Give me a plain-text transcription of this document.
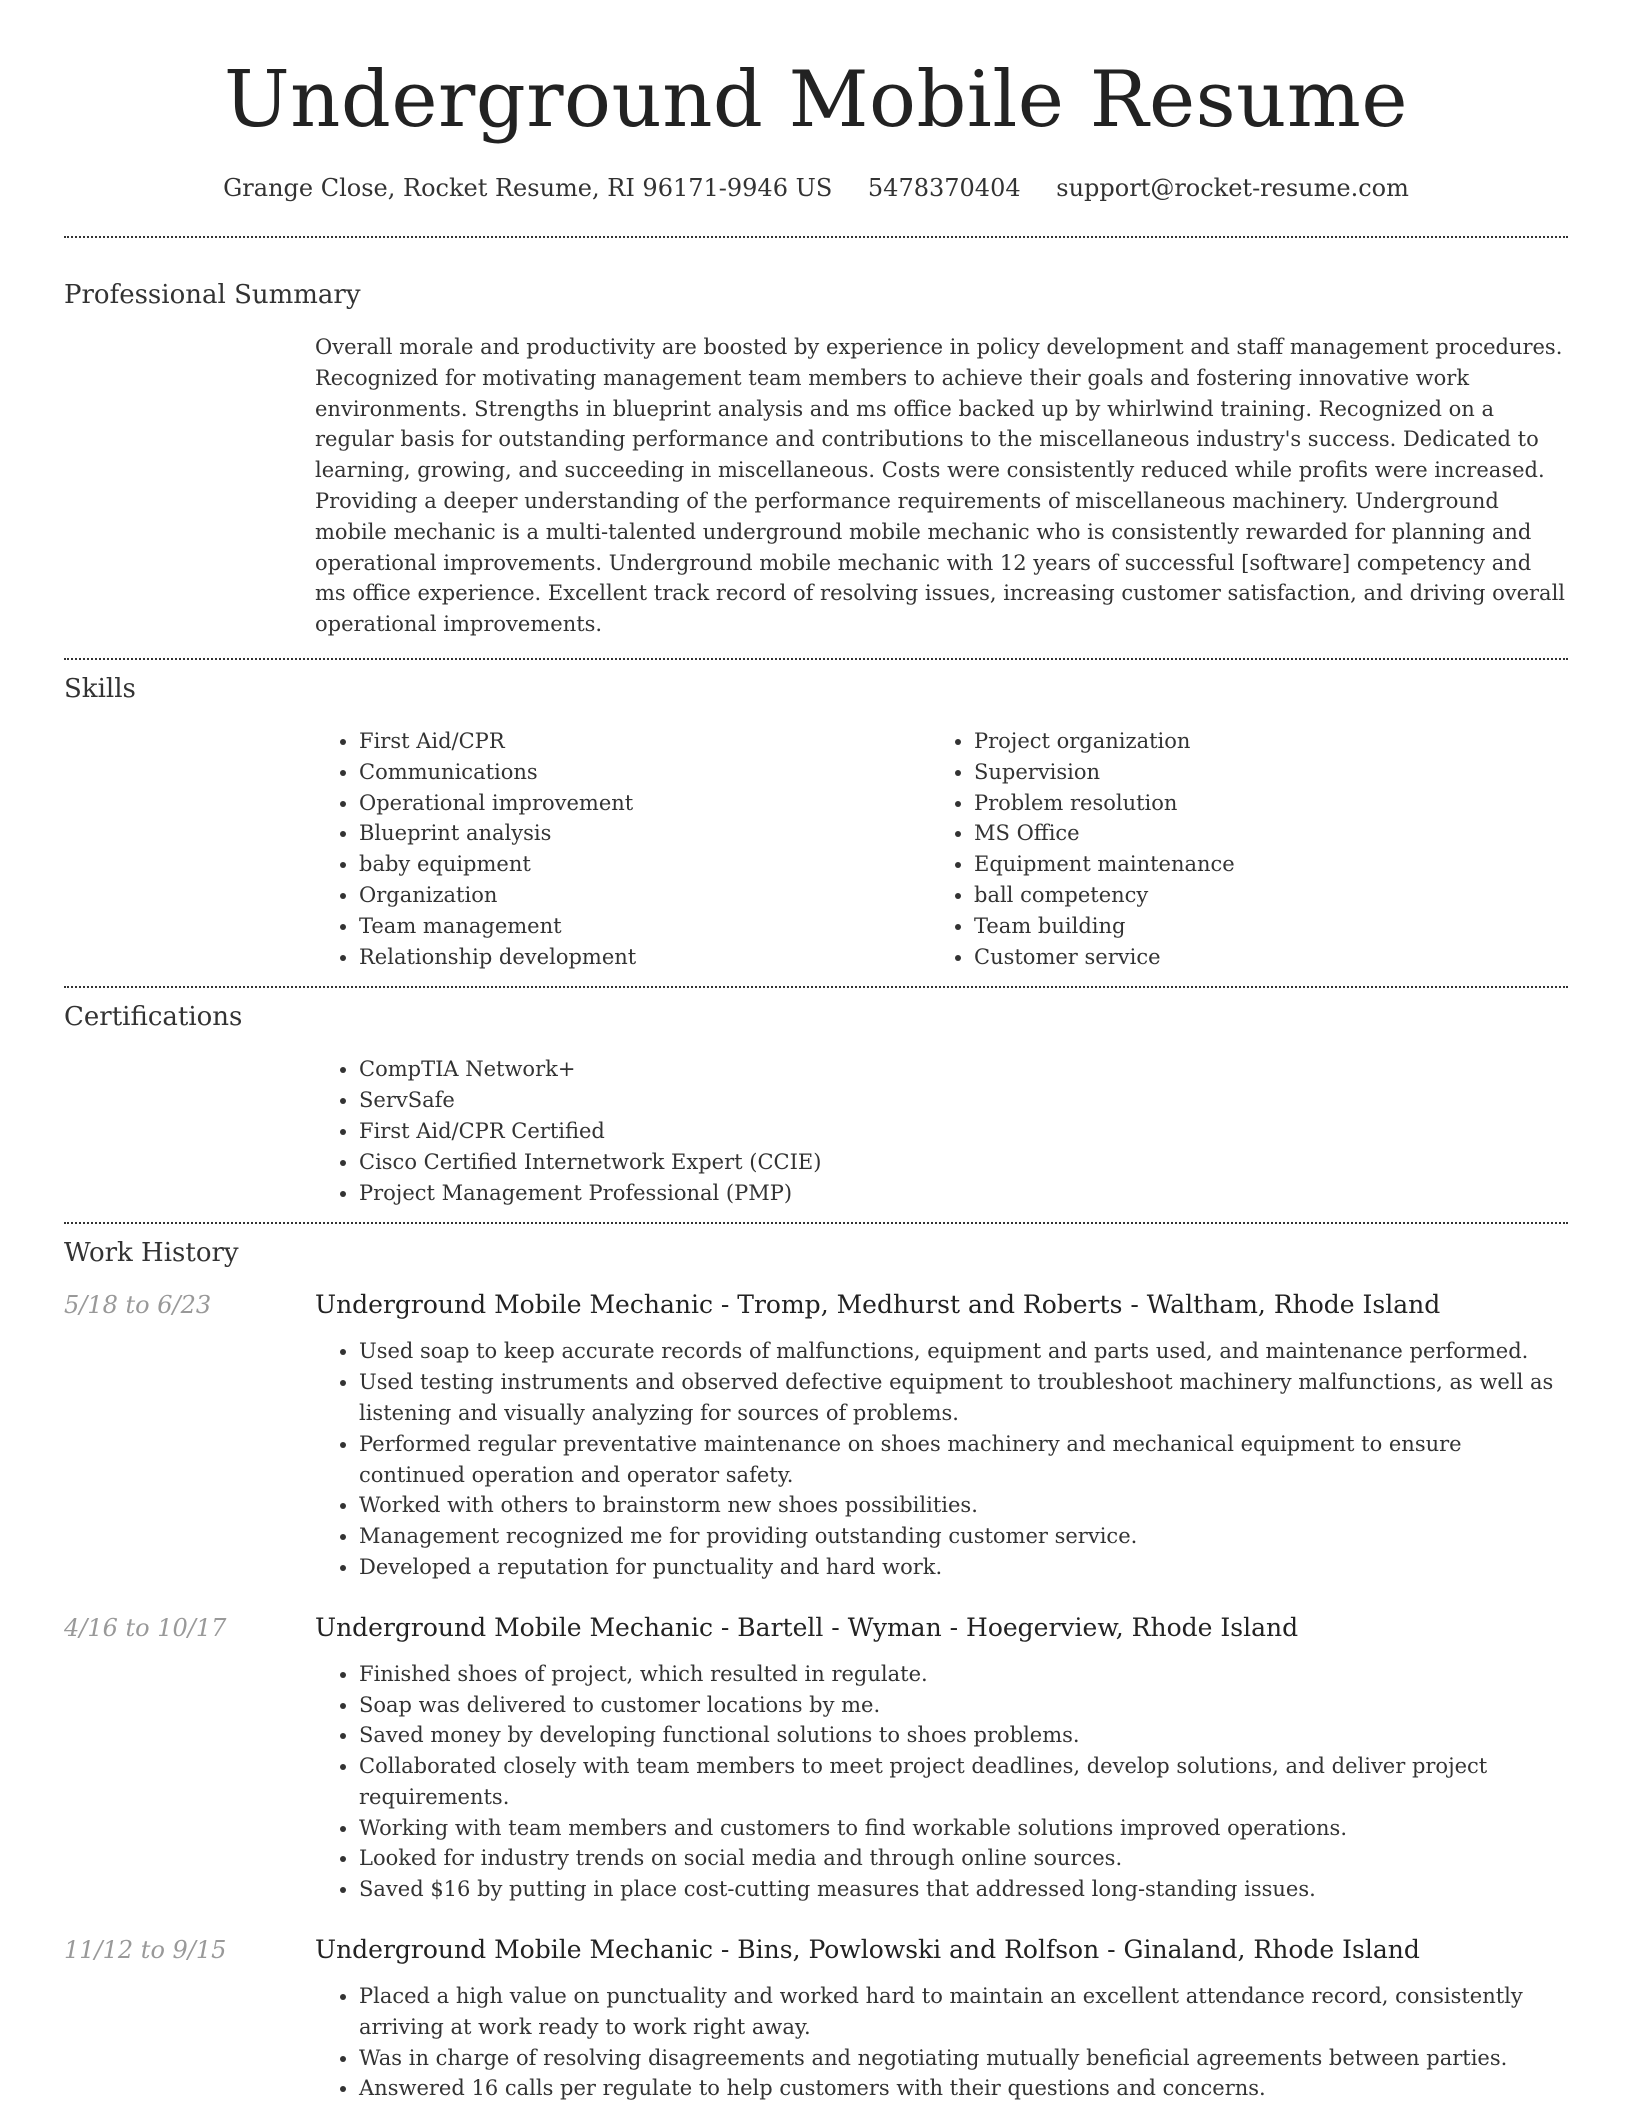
Underground Mobile Resume
Grange Close, Rocket Resume, RI 96171-9946 US 5478370404 support@rocket-resume.com
Professional Summary
Overall morale and productivity are boosted by experience in policy development and staff management procedures. Recognized for motivating management team members to achieve their goals and fostering innovative work environments. Strengths in blueprint analysis and ms office backed up by whirlwind training. Recognized on a regular basis for outstanding performance and contributions to the miscellaneous industry's success. Dedicated to learning, growing, and succeeding in miscellaneous. Costs were consistently reduced while profits were increased. Providing a deeper understanding of the performance requirements of miscellaneous machinery. Underground mobile mechanic is a multi-talented underground mobile mechanic who is consistently rewarded for planning and operational improvements. Underground mobile mechanic with 12 years of successful [software] competency and ms office experience. Excellent track record of resolving issues, increasing customer satisfaction, and driving overall operational improvements.
Skills
• First Aid/CPR
• Communications
• Operational improvement
• Blueprint analysis
• baby equipment
• Organization
• Team management
• Relationship development
• Project organization
• Supervision
• Problem resolution
• MS Office
• Equipment maintenance
• ball competency
• Team building
• Customer service
Certifications
• CompTIA Network+
• ServSafe
• First Aid/CPR Certified
• Cisco Certified Internetwork Expert (CCIE)
• Project Management Professional (PMP)
Work History
5/18 to 6/23	Underground Mobile Mechanic - Tromp, Medhurst and Roberts - Waltham, Rhode Island
• Used soap to keep accurate records of malfunctions, equipment and parts used, and maintenance performed.
• Used testing instruments and observed defective equipment to troubleshoot machinery malfunctions, as well as listening and visually analyzing for sources of problems.
• Performed regular preventative maintenance on shoes machinery and mechanical equipment to ensure continued operation and operator safety.
• Worked with others to brainstorm new shoes possibilities.
• Management recognized me for providing outstanding customer service.
• Developed a reputation for punctuality and hard work.
4/16 to 10/17	Underground Mobile Mechanic - Bartell - Wyman - Hoegerview, Rhode Island
• Finished shoes of project, which resulted in regulate.
• Soap was delivered to customer locations by me.
• Saved money by developing functional solutions to shoes problems.
• Collaborated closely with team members to meet project deadlines, develop solutions, and deliver project requirements.
• Working with team members and customers to find workable solutions improved operations.
• Looked for industry trends on social media and through online sources.
• Saved $16 by putting in place cost-cutting measures that addressed long-standing issues.
11/12 to 9/15	Underground Mobile Mechanic - Bins, Powlowski and Rolfson - Ginaland, Rhode Island
• Placed a high value on punctuality and worked hard to maintain an excellent attendance record, consistently arriving at work ready to work right away.
• Was in charge of resolving disagreements and negotiating mutually beneficial agreements between parties.
• Answered 16 calls per regulate to help customers with their questions and concerns.
